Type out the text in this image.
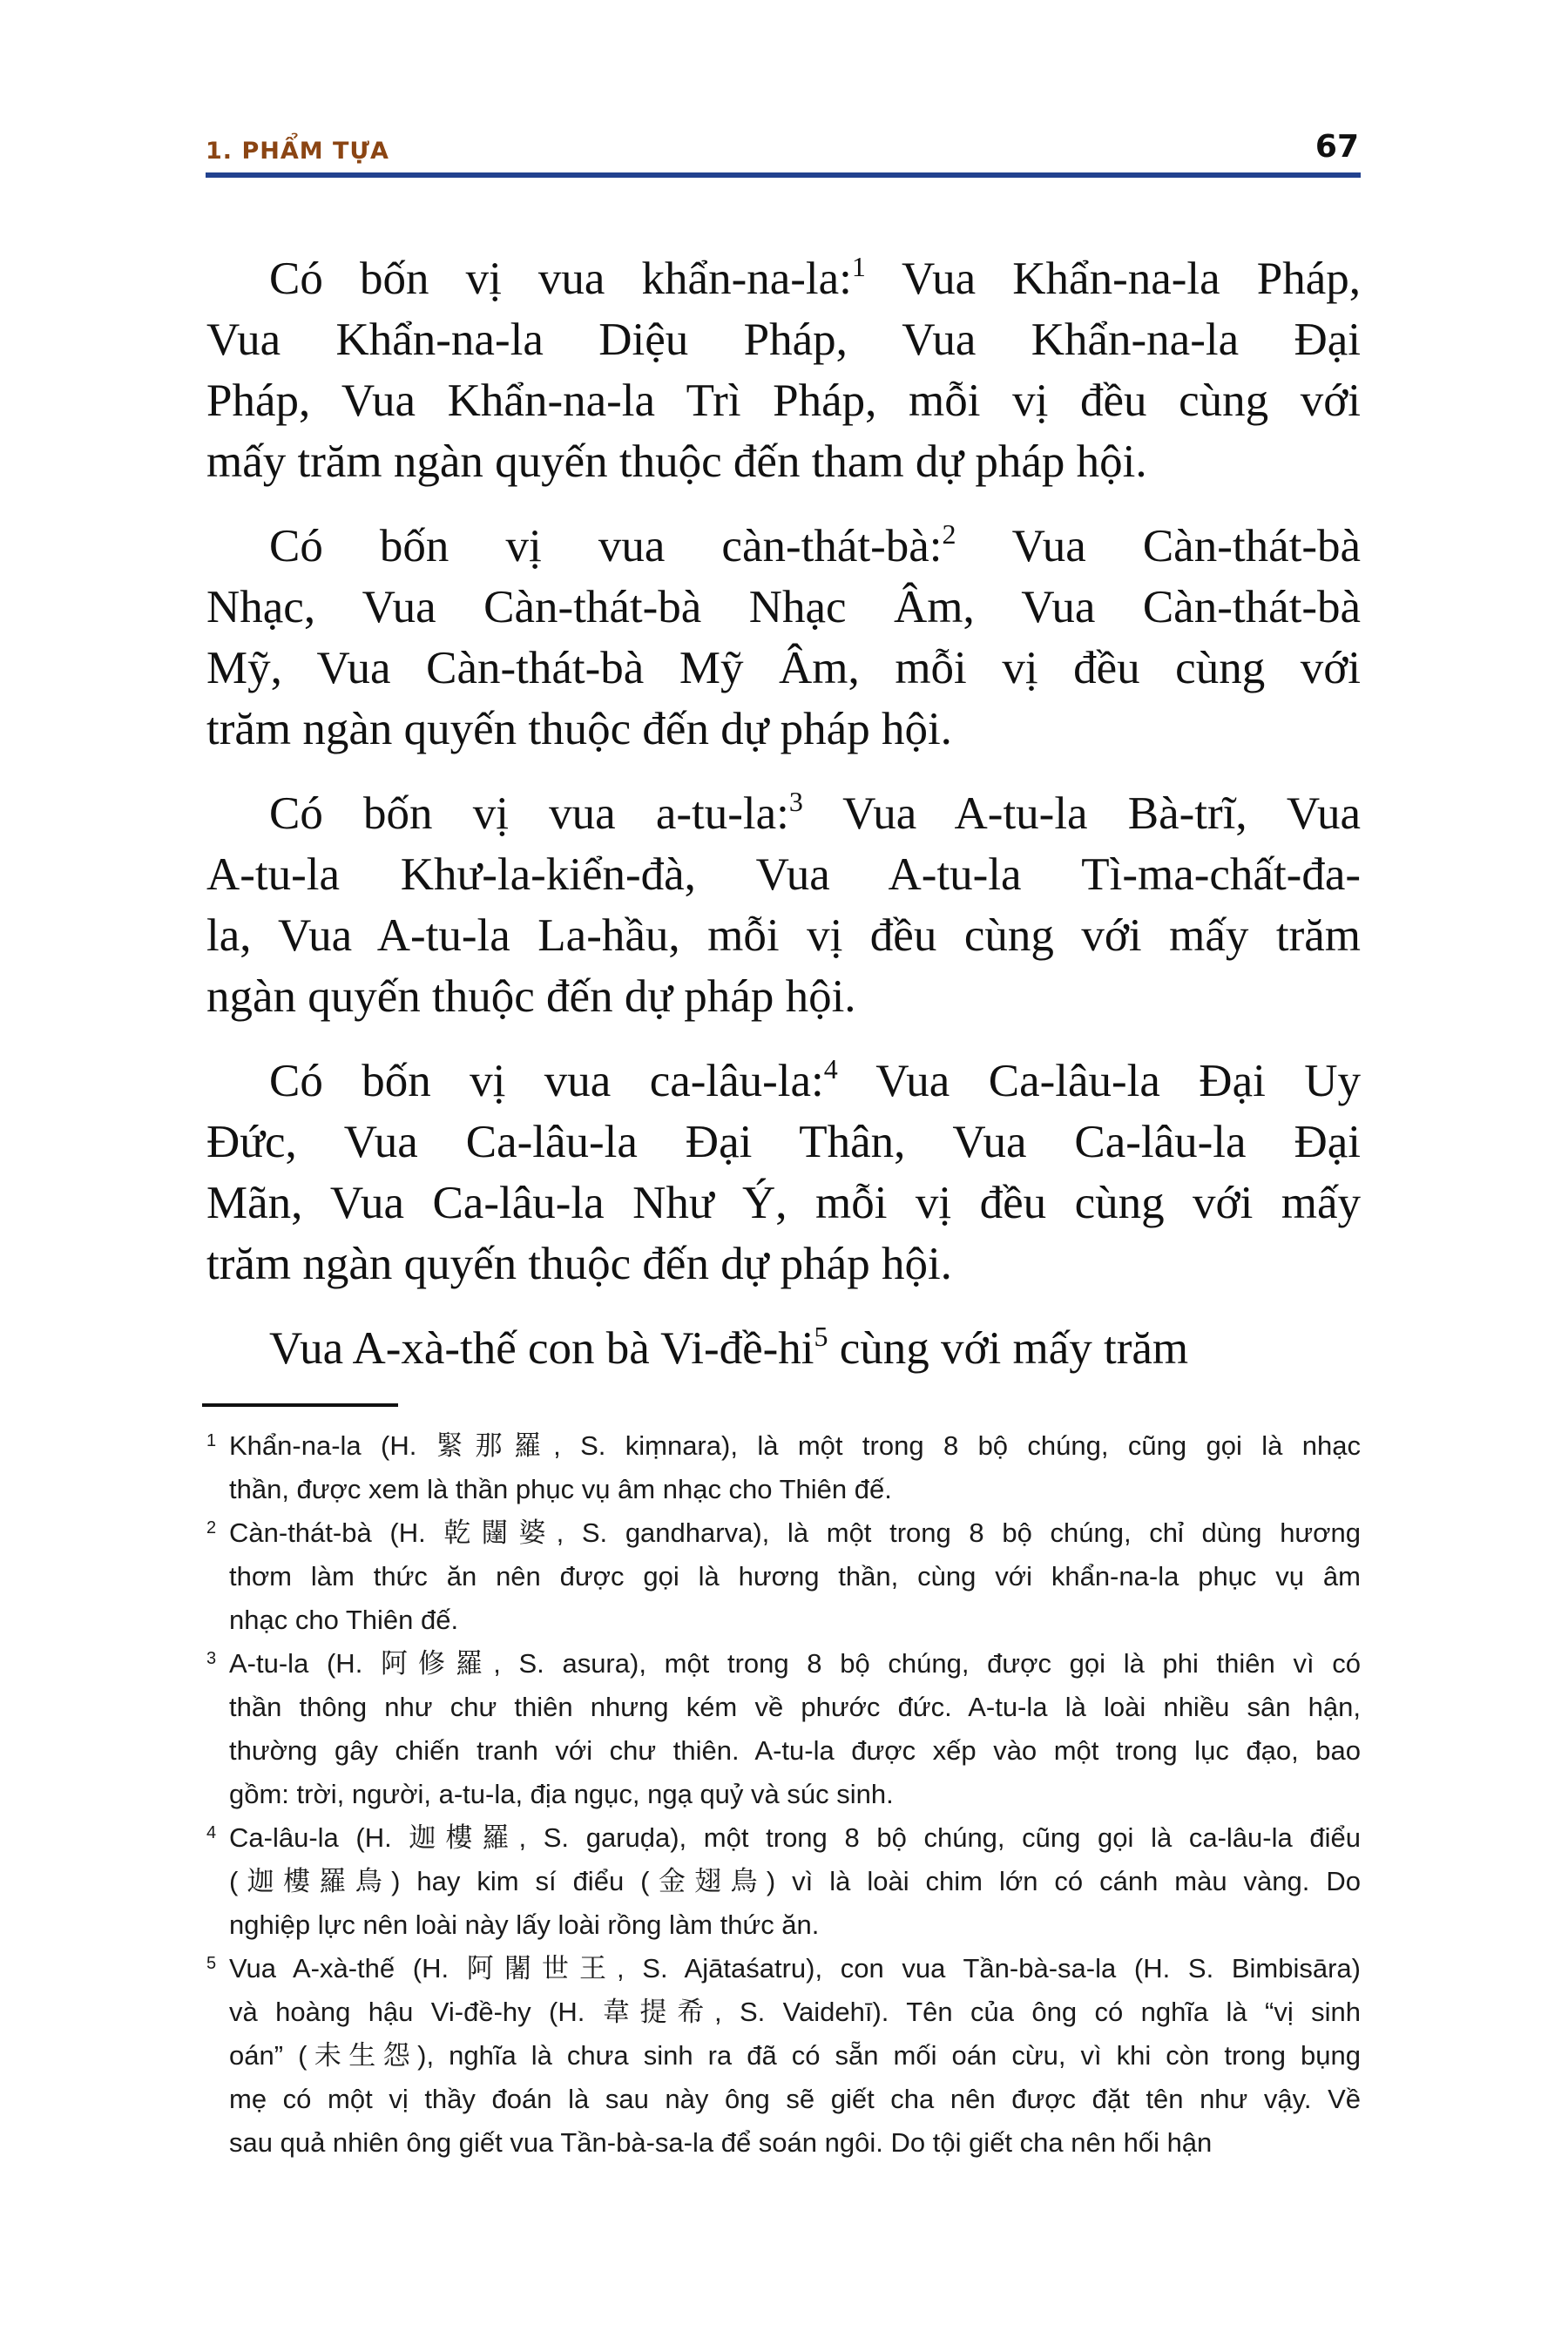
1. PHẨM TỰA	67
Có bốn vị vua khẩn-na-la:$^1$ Vua Khẩn-na-la Pháp,
Vua Khẩn-na-la Diệu Pháp, Vua Khẩn-na-la Đại
Pháp, Vua Khẩn-na-la Trì Pháp, mỗi vị đều cùng với
mấy trăm ngàn quyến thuộc đến tham dự pháp hội.
Có bốn vị vua càn-thát-bà:$^2$ Vua Càn-thát-bà
Nhạc, Vua Càn-thát-bà Nhạc Âm, Vua Càn-thát-bà
Mỹ, Vua Càn-thát-bà Mỹ Âm, mỗi vị đều cùng với
trăm ngàn quyến thuộc đến dự pháp hội.
Có bốn vị vua a-tu-la:$^3$ Vua A-tu-la Bà-trĩ, Vua
A-tu-la Khư-la-kiển-đà, Vua A-tu-la Tì-ma-chất-đa-
la, Vua A-tu-la La-hầu, mỗi vị đều cùng với mấy trăm
ngàn quyến thuộc đến dự pháp hội.
Có bốn vị vua ca-lâu-la:$^4$ Vua Ca-lâu-la Đại Uy
Đức, Vua Ca-lâu-la Đại Thân, Vua Ca-lâu-la Đại
Mãn, Vua Ca-lâu-la Như Ý, mỗi vị đều cùng với mấy
trăm ngàn quyến thuộc đến dự pháp hội.
Vua A-xà-thế con bà Vi-đề-hi$^5$ cùng với mấy trăm
1 Khẩn-na-la (H. 緊那羅, S. kiṃnara), là một trong 8 bộ chúng, cũng gọi là nhạc
thần, được xem là thần phục vụ âm nhạc cho Thiên đế.
2 Càn-thát-bà (H. 乾闥婆, S. gandharva), là một trong 8 bộ chúng, chỉ dùng hương
thơm làm thức ăn nên được gọi là hương thần, cùng với khẩn-na-la phục vụ âm
nhạc cho Thiên đế.
3 A-tu-la (H. 阿修羅, S. asura), một trong 8 bộ chúng, được gọi là phi thiên vì có
thần thông như chư thiên nhưng kém về phước đức. A-tu-la là loài nhiều sân hận,
thường gây chiến tranh với chư thiên. A-tu-la được xếp vào một trong lục đạo, bao
gồm: trời, người, a-tu-la, địa ngục, ngạ quỷ và súc sinh.
4 Ca-lâu-la (H. 迦樓羅, S. garuḍa), một trong 8 bộ chúng, cũng gọi là ca-lâu-la điểu
(迦樓羅鳥) hay kim sí điểu (金翅鳥) vì là loài chim lớn có cánh màu vàng. Do
nghiệp lực nên loài này lấy loài rồng làm thức ăn.
5 Vua A-xà-thế (H. 阿闍世王, S. Ajātaśatru), con vua Tần-bà-sa-la (H. S. Bimbisāra)
và hoàng hậu Vi-đề-hy (H. 韋提希, S. Vaidehī). Tên của ông có nghĩa là “vị sinh
oán” (未生怨), nghĩa là chưa sinh ra đã có sẵn mối oán cừu, vì khi còn trong bụng
mẹ có một vị thầy đoán là sau này ông sẽ giết cha nên được đặt tên như vậy. Về
sau quả nhiên ông giết vua Tần-bà-sa-la để soán ngôi. Do tội giết cha nên hối hận
